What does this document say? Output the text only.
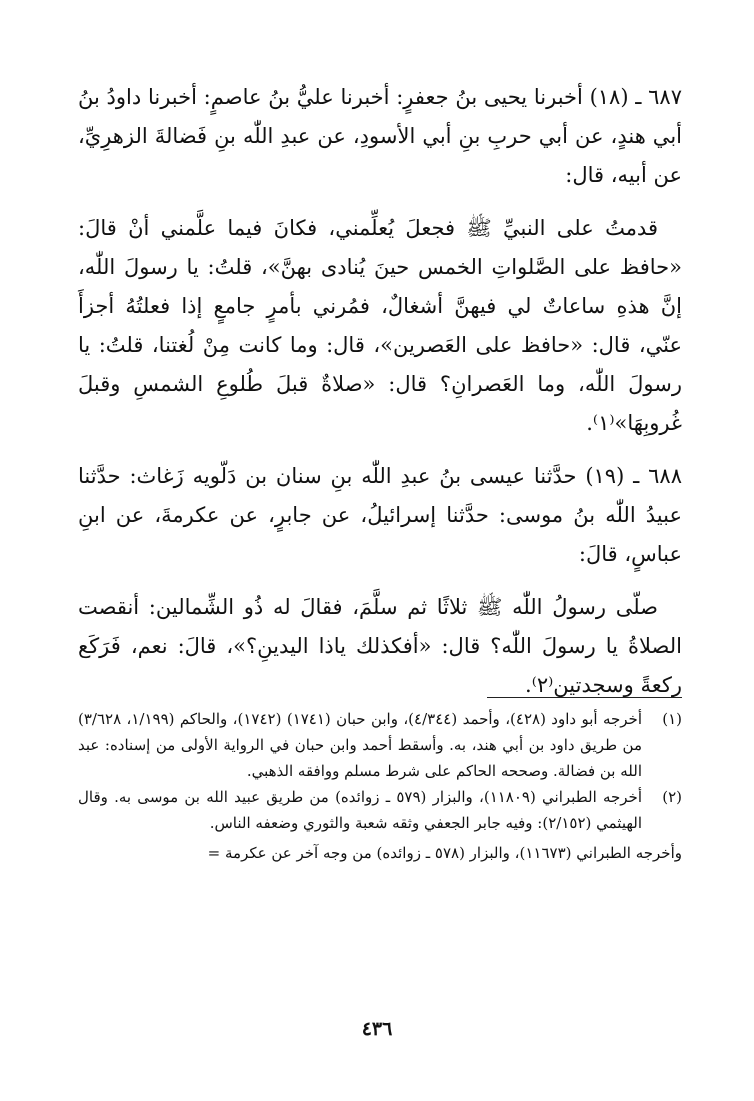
٦٨٧ ـ (١٨) أخبرنا يحيى بنُ جعفرٍ: أخبرنا عليُّ بنُ عاصمٍ: أخبرنا داودُ بنُ أبي هندٍ، عن أبي حربِ بنِ أبي الأسودِ، عن عبدِ اللّٰه بنِ فَضالةَ الزهرِيِّ، عن أبيه، قال:

قدمتُ على النبيِّ ﷺ فجعلَ يُعلِّمني، فكانَ فيما علَّمني أنْ قالَ: «حافظ على الصَّلواتِ الخمس حينَ يُنادى بهنَّ»، قلتُ: يا رسولَ اللّٰه، إنَّ هذهِ ساعاتٌ لي فيهنَّ أشغالٌ، فمُرني بأمرٍ جامعٍ إذا فعلتُهُ أجزأَ عنّي، قال: «حافظ على العَصرين»، قال: وما كانت مِنْ لُغتنا، قلتُ: يا رسولَ اللّٰه، وما العَصرانِ؟ قال: «صلاةٌ قبلَ طُلوعِ الشمسِ وقبلَ غُروبِهَا»⁽١⁾.

٦٨٨ ـ (١٩) حدَّثنا عيسى بنُ عبدِ اللّٰه بنِ سنان بن دَلّويه زَغاث: حدَّثنا عبيدُ اللّٰه بنُ موسى: حدَّثنا إسرائيلُ، عن جابرٍ، عن عكرمةَ، عن ابنِ عباسٍ، قالَ:

صلّى رسولُ اللّٰه ﷺ ثلاثًا ثم سلَّمَ، فقالَ له ذُو الشِّمالين: أنقصت الصلاةُ يا رسولَ اللّٰه؟ قال: «أفكذلك ياذا اليدينِ؟»، قالَ: نعم، فَرَكَع ركعةً وسجدتين⁽٢⁾.

(١)
أخرجه أبو داود (٤٢٨)، وأحمد (٤/٣٤٤)، وابن حبان (١٧٤١) (١٧٤٢)، والحاكم (١/١٩٩، ٣/٦٢٨) من طريق داود بن أبي هند، به. وأسقط أحمد وابن حبان في الرواية الأولى من إسناده: عبد الله بن فضالة. وصححه الحاكم على شرط مسلم ووافقه الذهبي.
(٢)
أخرجه الطبراني (١١٨٠٩)، والبزار (٥٧٩ ـ زوائده) من طريق عبيد الله بن موسى به. وقال الهيثمي (٢/١٥٢): وفيه جابر الجعفي وثقه شعبة والثوري وضعفه الناس.
وأخرجه الطبراني (١١٦٧٣)، والبزار (٥٧٨ ـ زوائده) من وجه آخر عن عكرمة =
٤٣٦
